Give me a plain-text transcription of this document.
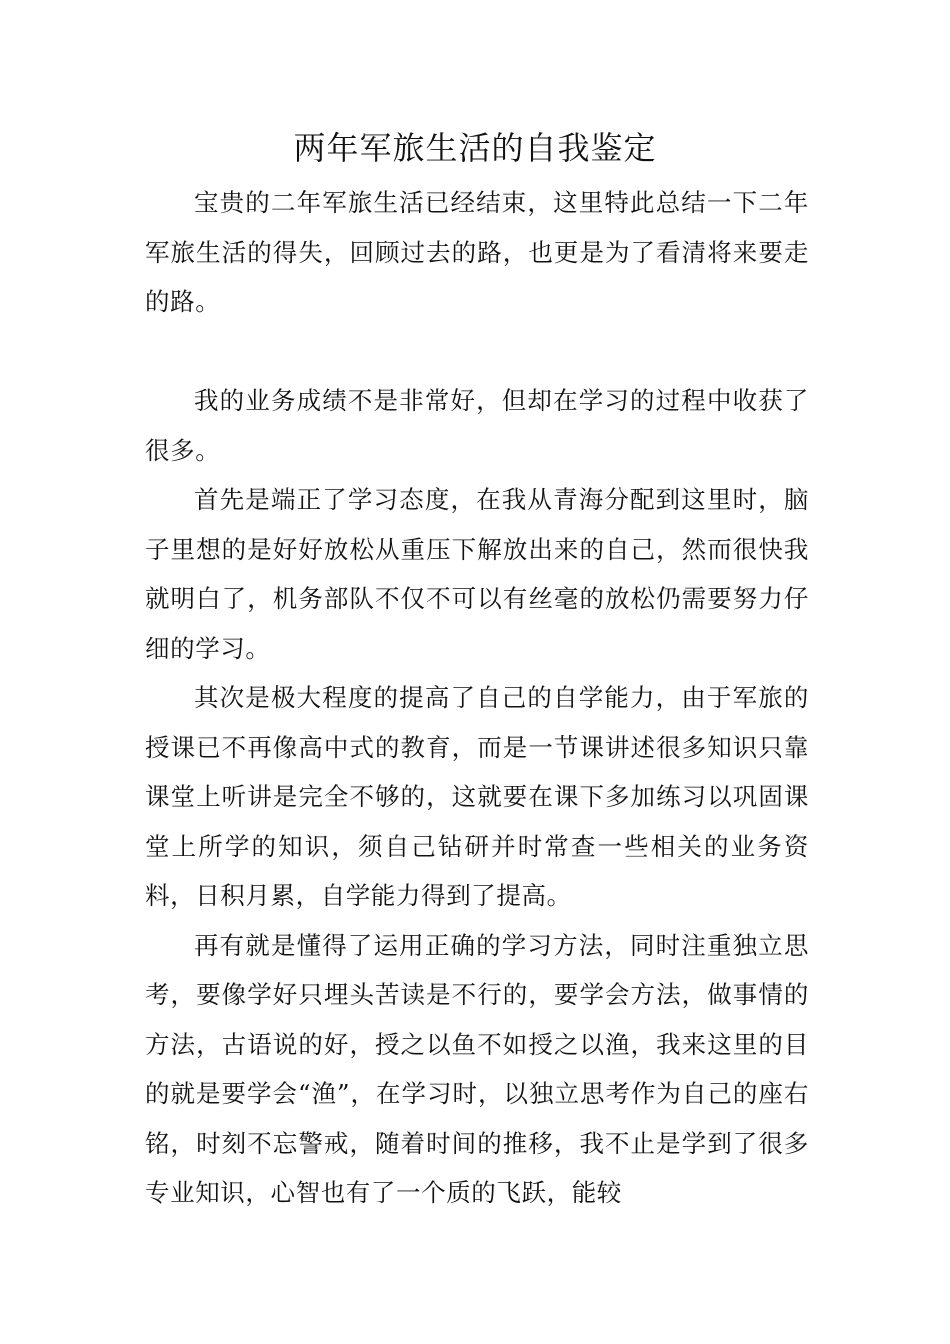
两年军旅生活的自我鉴定

宝贵的二年军旅生活已经结束，这里特此总结一下二年军旅生活的得失，回顾过去的路，也更是为了看清将来要走的路。

我的业务成绩不是非常好，但却在学习的过程中收获了很多。

首先是端正了学习态度，在我从青海分配到这里时，脑子里想的是好好放松从重压下解放出来的自己，然而很快我就明白了，机务部队不仅不可以有丝毫的放松仍需要努力仔细的学习。

其次是极大程度的提高了自己的自学能力，由于军旅的授课已不再像高中式的教育，而是一节课讲述很多知识只靠课堂上听讲是完全不够的，这就要在课下多加练习以巩固课堂上所学的知识，须自己钻研并时常查一些相关的业务资料，日积月累，自学能力得到了提高。

再有就是懂得了运用正确的学习方法，同时注重独立思考，要像学好只埋头苦读是不行的，要学会方法，做事情的方法，古语说的好，授之以鱼不如授之以渔，我来这里的目的就是要学会“渔”，在学习时，以独立思考作为自己的座右铭，时刻不忘警戒，随着时间的推移，我不止是学到了很多专业知识，心智也有了一个质的飞跃，能较
